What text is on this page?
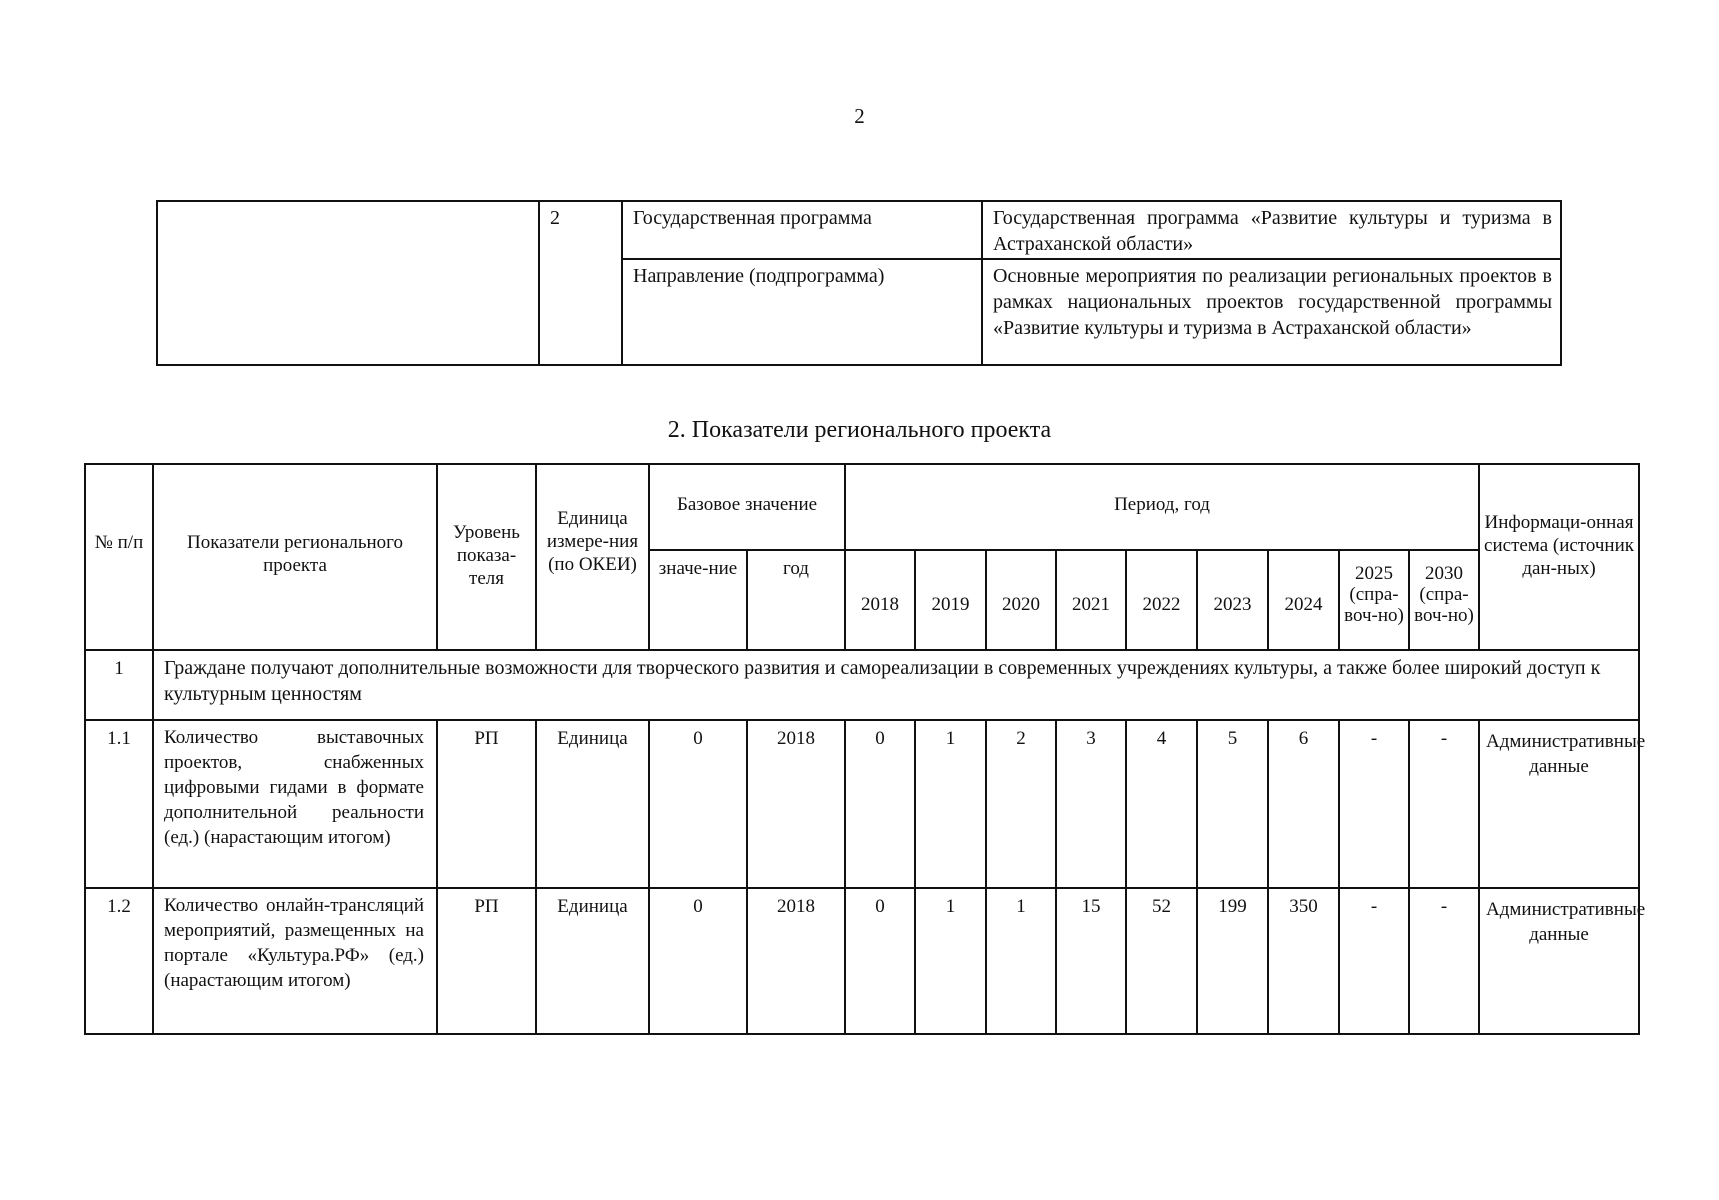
2
	2	Государственная программа	Государственная программа «Развитие культуры и туризма в Астраханской области»
		Направление (подпрограмма)	Основные мероприятия по реализации региональных проектов в рамках национальных проектов государственной программы «Развитие культуры и туризма в Астраханской области»
2. Показатели регионального проекта
№ п/п	Показатели регионального проекта	Уровень показа-теля	Единица измере-ния (по ОКЕИ)	Базовое значение		Период, год									Информаци-онная система (источник дан-ных)
				значе-ние	год	2018	2019	2020	2021	2022	2023	2024	2025 (спра-воч-но)	2030 (спра-воч-но)	
1	Граждане получают дополнительные возможности для творческого развития и самореализации в современных учреждениях культуры, а также более широкий доступ к культурным ценностям														
1.1	Количество выставочных проектов, снабженных цифровыми гидами в формате дополнительной реальности (ед.) (нарастающим итогом)	РП	Единица	0	2018	0	1	2	3	4	5	6	-	-	Административные данные
1.2	Количество онлайн-трансляций мероприятий, размещенных на портале «Культура.РФ» (ед.) (нарастающим итогом)	РП	Единица	0	2018	0	1	1	15	52	199	350	-	-	Административные данные
